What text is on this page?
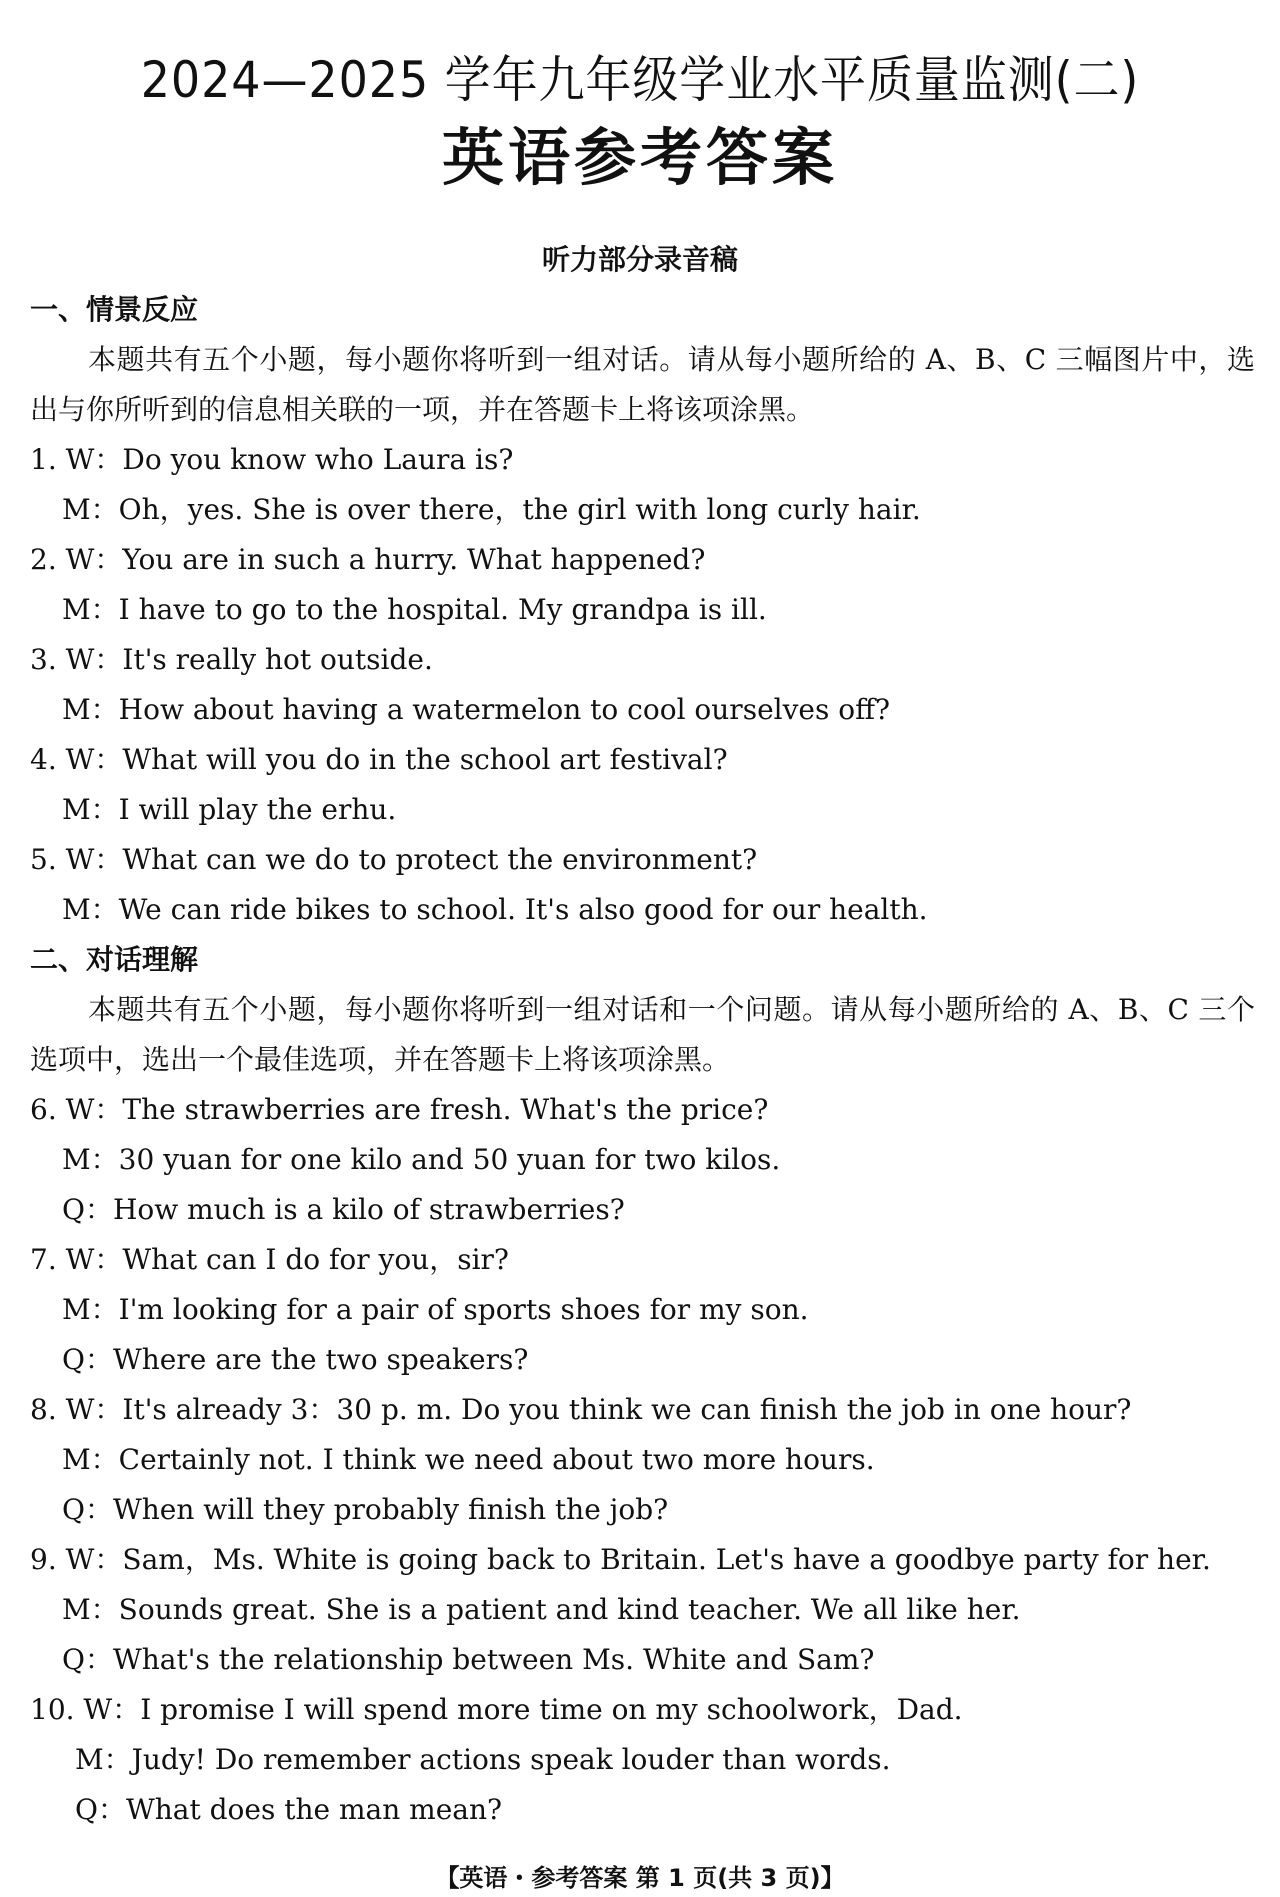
2024—2025 学年九年级学业水平质量监测(二)
英语参考答案
听力部分录音稿
一、情景反应
本题共有五个小题，每小题你将听到一组对话。请从每小题所给的 A、B、C 三幅图片中，选出与你所听到的信息相关联的一项，并在答题卡上将该项涂黑。
1. W：Do you know who Laura is?
M：Oh，yes. She is over there，the girl with long curly hair.
2. W：You are in such a hurry. What happened?
M：I have to go to the hospital. My grandpa is ill.
3. W：It's really hot outside.
M：How about having a watermelon to cool ourselves off?
4. W：What will you do in the school art festival?
M：I will play the erhu.
5. W：What can we do to protect the environment?
M：We can ride bikes to school. It's also good for our health.
二、对话理解
本题共有五个小题，每小题你将听到一组对话和一个问题。请从每小题所给的 A、B、C 三个选项中，选出一个最佳选项，并在答题卡上将该项涂黑。
6. W：The strawberries are fresh. What's the price?
M：30 yuan for one kilo and 50 yuan for two kilos.
Q：How much is a kilo of strawberries?
7. W：What can I do for you，sir?
M：I'm looking for a pair of sports shoes for my son.
Q：Where are the two speakers?
8. W：It's already 3：30 p. m. Do you think we can finish the job in one hour?
M：Certainly not. I think we need about two more hours.
Q：When will they probably finish the job?
9. W：Sam，Ms. White is going back to Britain. Let's have a goodbye party for her.
M：Sounds great. She is a patient and kind teacher. We all like her.
Q：What's the relationship between Ms. White and Sam?
10. W：I promise I will spend more time on my schoolwork，Dad.
M：Judy! Do remember actions speak louder than words.
Q：What does the man mean?
【英语・参考答案 第 1 页(共 3 页)】
